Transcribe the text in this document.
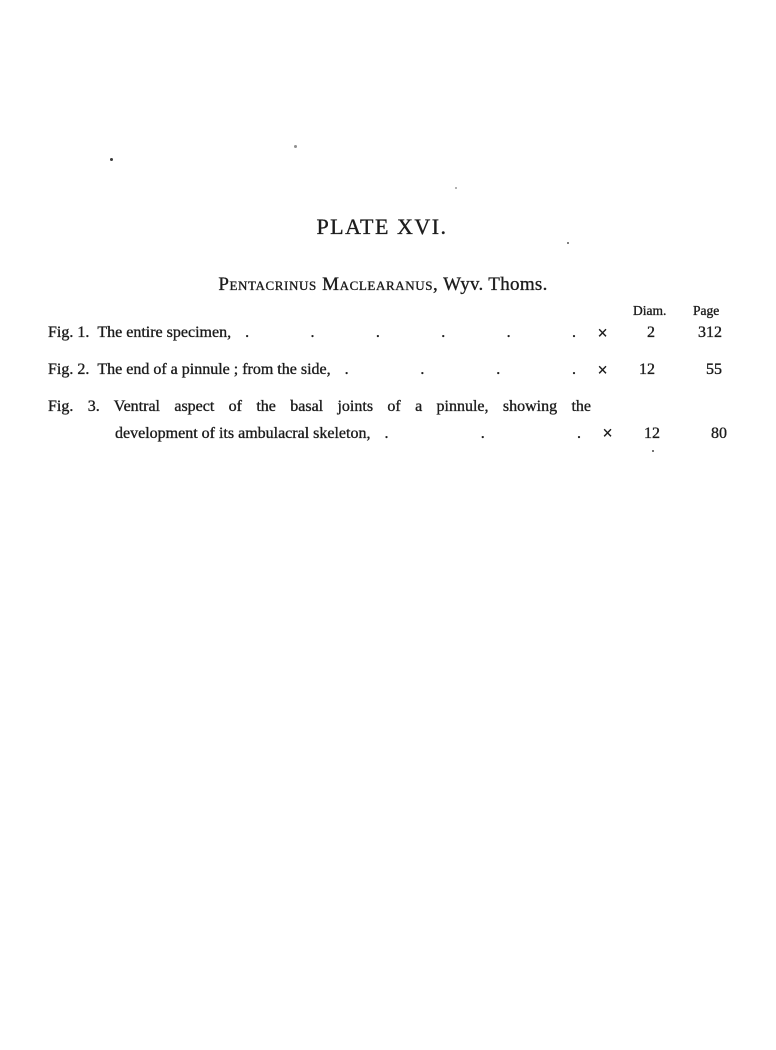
PLATE XVI.
Pentacrinus Maclearanus, Wyv. Thoms.
Diam. Page
Fig. 1. The entire specimen, .	.	.	.	.	.	×	2	312
Fig. 2. The end of a pinnule ; from the side, .	.	.	.	×	12	55
Fig. 3. Ventral aspect of the basal joints of a pinnule, showing the
development of its ambulacral skeleton, .	.	.	×	12	80
